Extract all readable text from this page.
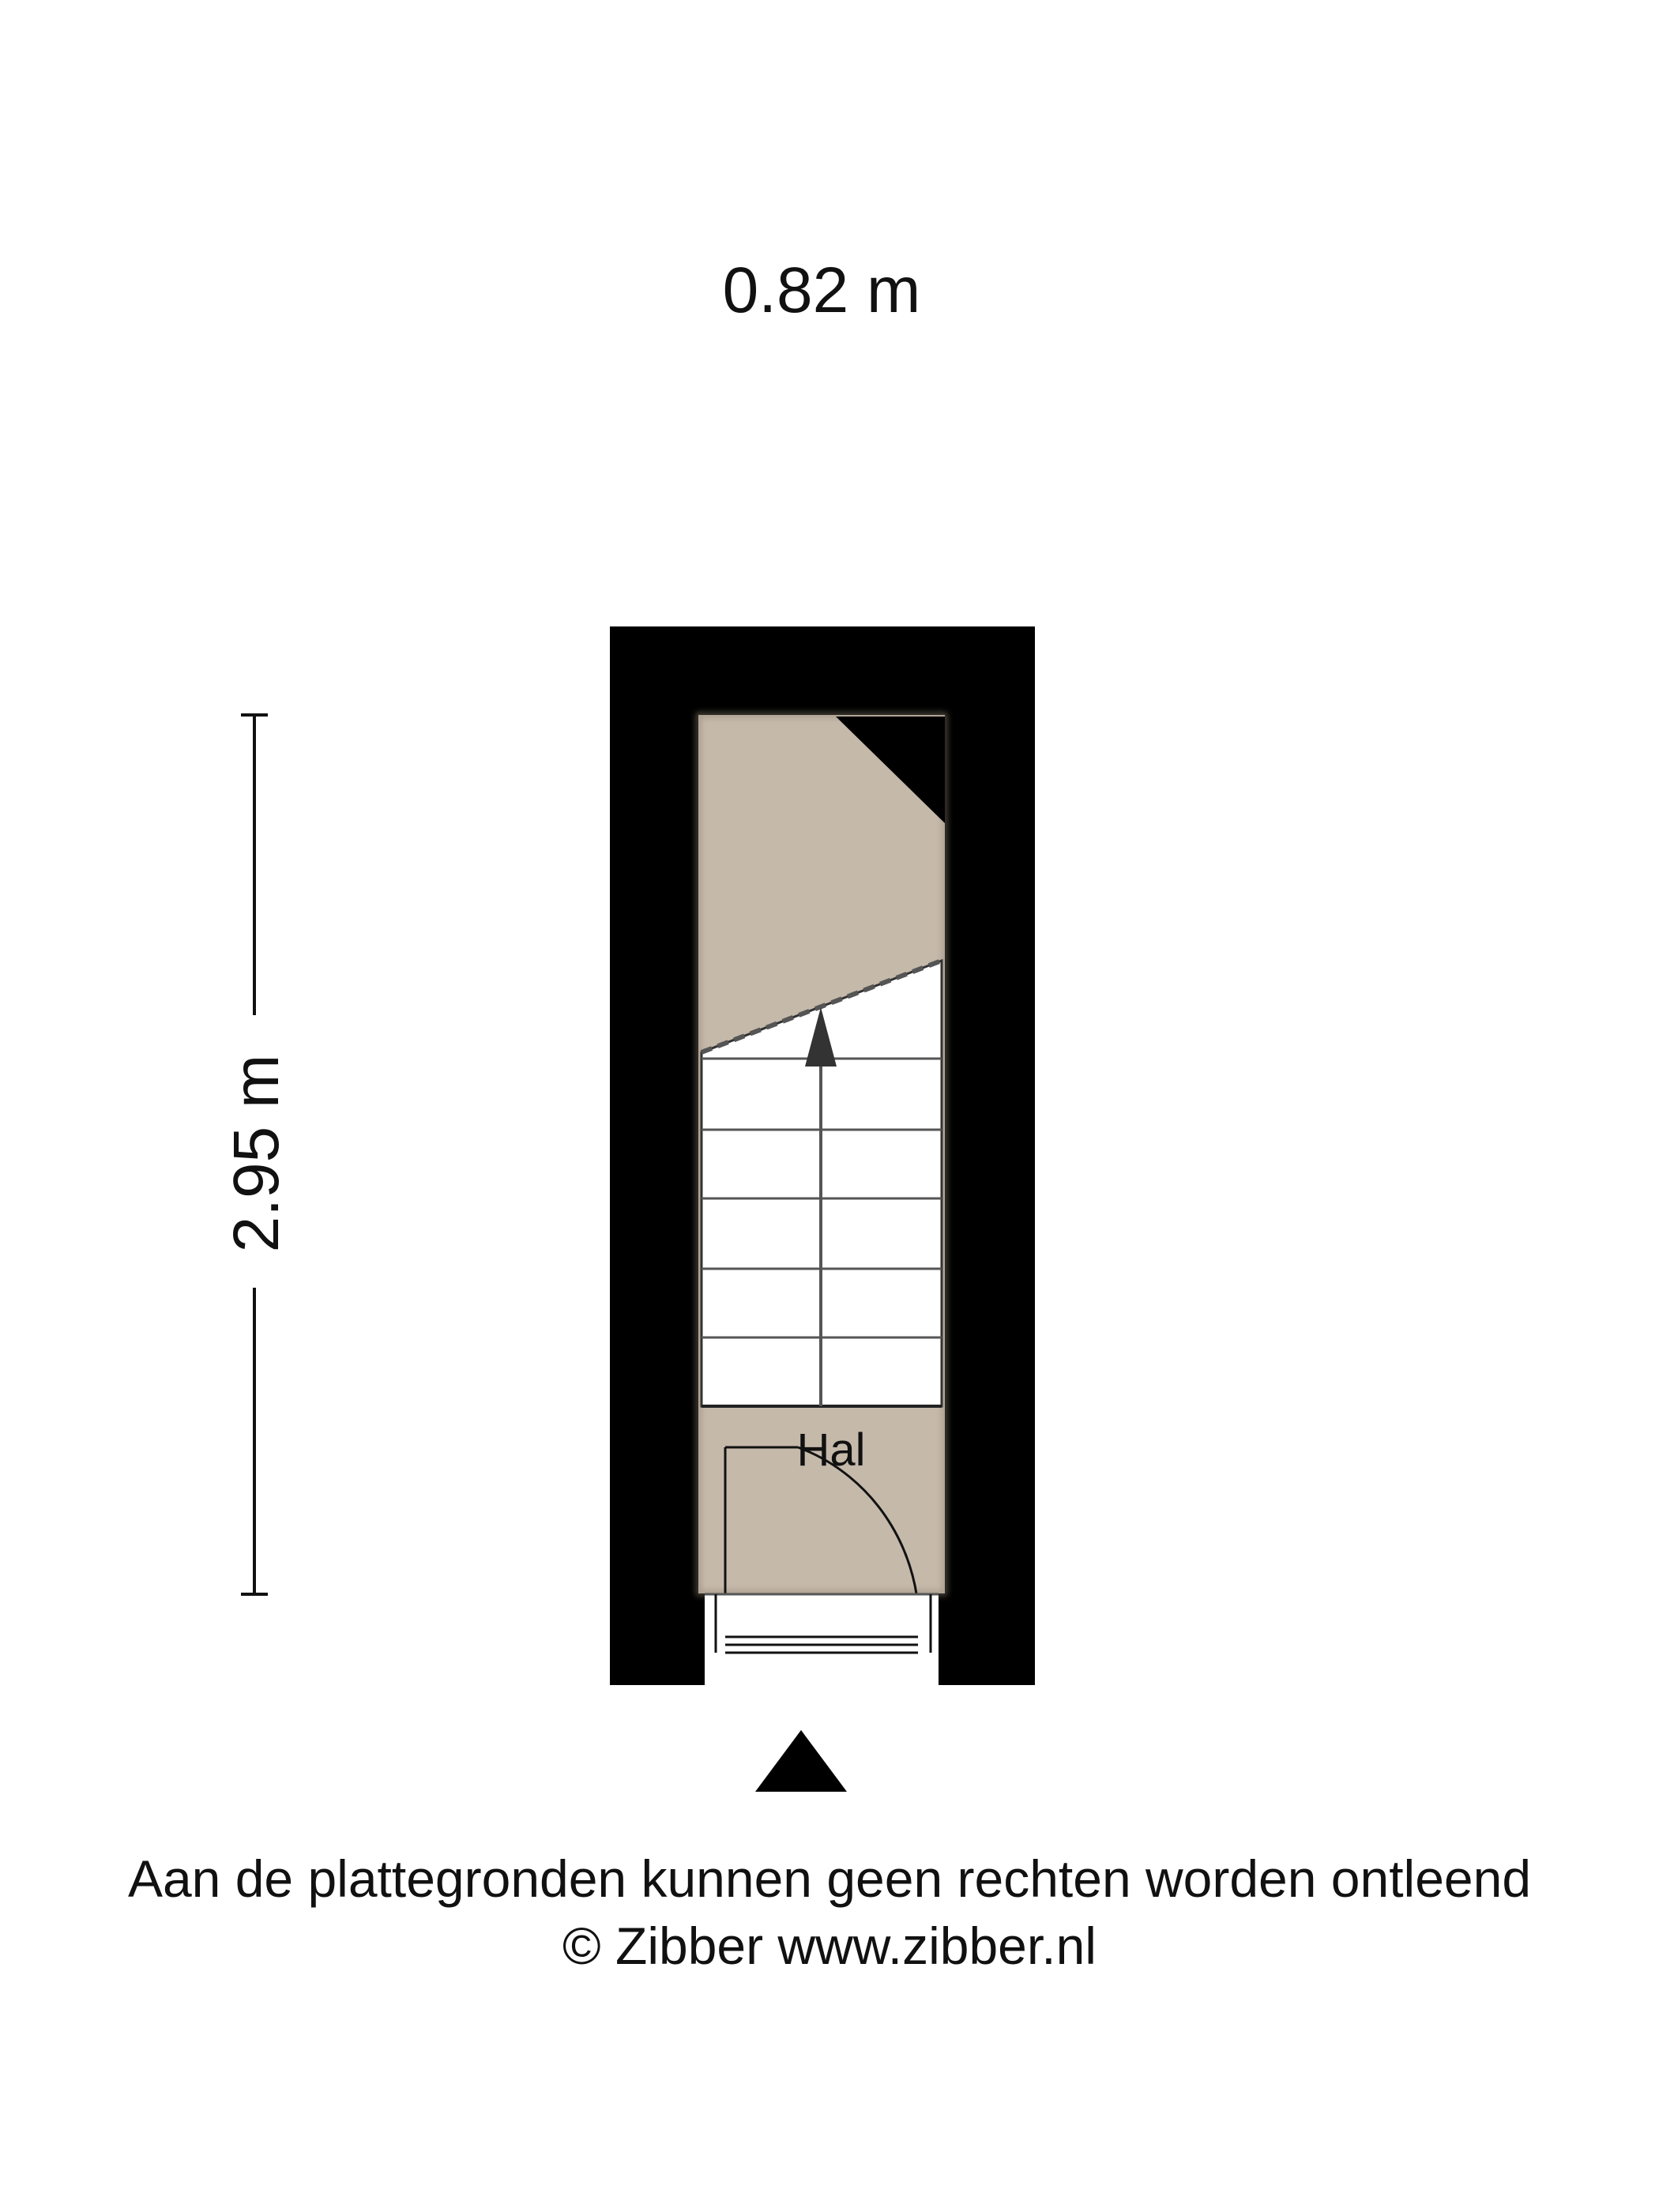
0.82 m
2.95 m
Hal
Aan de plattegronden kunnen geen rechten worden ontleend
© Zibber www.zibber.nl
